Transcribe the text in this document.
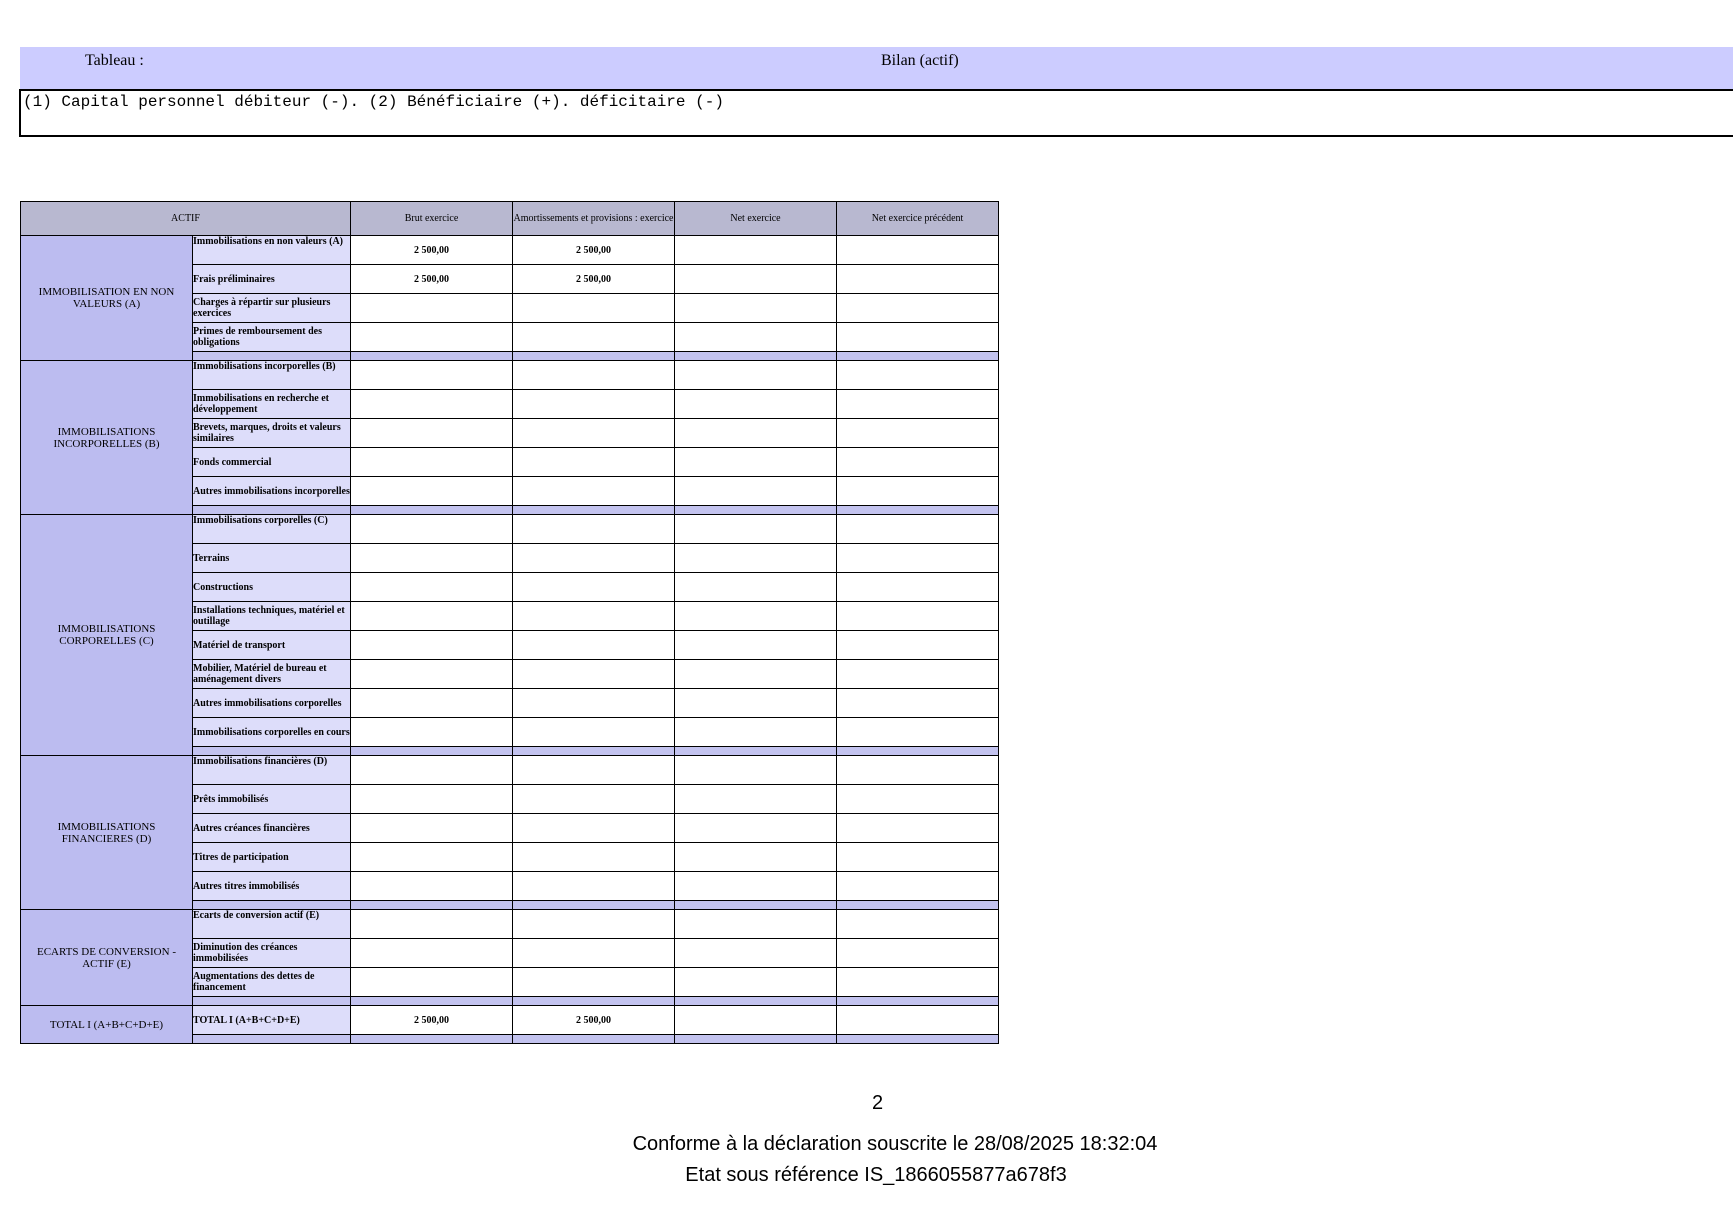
Tableau :	Bilan (actif)
(1) Capital personnel débiteur (-). (2) Bénéficiaire (+). déficitaire (-)
ACTIF		Brut exercice	Amortissements et provisions : exercice	Net exercice	Net exercice précédent
IMMOBILISATION EN NON VALEURS (A)	Immobilisations en non valeurs (A)	2 500,00	2 500,00		
	Frais préliminaires	2 500,00	2 500,00		
	Charges à répartir sur plusieurs exercices				
	Primes de remboursement des obligations				

IMMOBILISATIONS INCORPORELLES (B)	Immobilisations incorporelles (B)				
	Immobilisations en recherche et développement				
	Brevets, marques, droits et valeurs similaires				
	Fonds commercial				
	Autres immobilisations incorporelles				

IMMOBILISATIONS CORPORELLES (C)	Immobilisations corporelles (C)				
	Terrains				
	Constructions				
	Installations techniques, matériel et outillage				
	Matériel de transport				
	Mobilier, Matériel de bureau et aménagement divers				
	Autres immobilisations corporelles				
	Immobilisations corporelles en cours				

IMMOBILISATIONS FINANCIERES (D)	Immobilisations financières (D)				
	Prêts immobilisés				
	Autres créances financières				
	Titres de participation				
	Autres titres immobilisés				

ECARTS DE CONVERSION - ACTIF (E)	Ecarts de conversion actif (E)				
	Diminution des créances immobilisées				
	Augmentations des dettes de financement				

TOTAL I (A+B+C+D+E)	TOTAL I (A+B+C+D+E)	2 500,00	2 500,00		

2
Conforme à la déclaration souscrite le 28/08/2025 18:32:04
Etat sous référence IS_1866055877a678f3
